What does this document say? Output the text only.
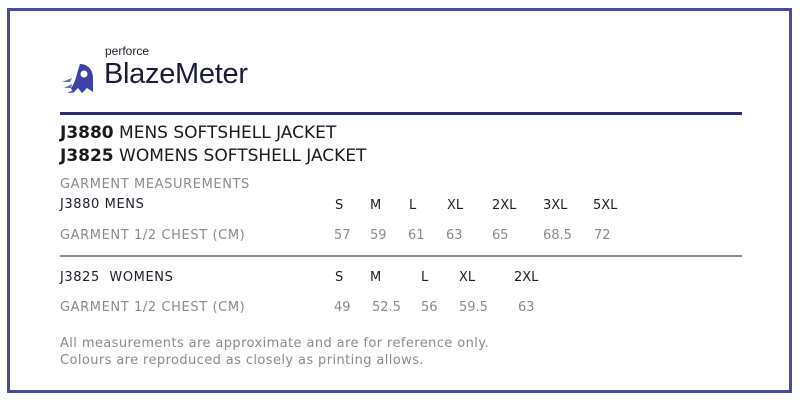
perforce
BlazeMeter
J3880 MENS SOFTSHELL JACKET
J3825 WOMENS SOFTSHELL JACKET
GARMENT MEASUREMENTS
J3880 MENS	S M L XL 2XL 3XL 5XL
GARMENT 1/2 CHEST (CM)	57 59 61 63 65	68.5 72
J3825  WOMENS	S M	L XL	2XL
GARMENT 1/2 CHEST (CM)	49 52.5 56 59.5 63
All measurements are approximate and are for reference only.
Colours are reproduced as closely as printing allows.
